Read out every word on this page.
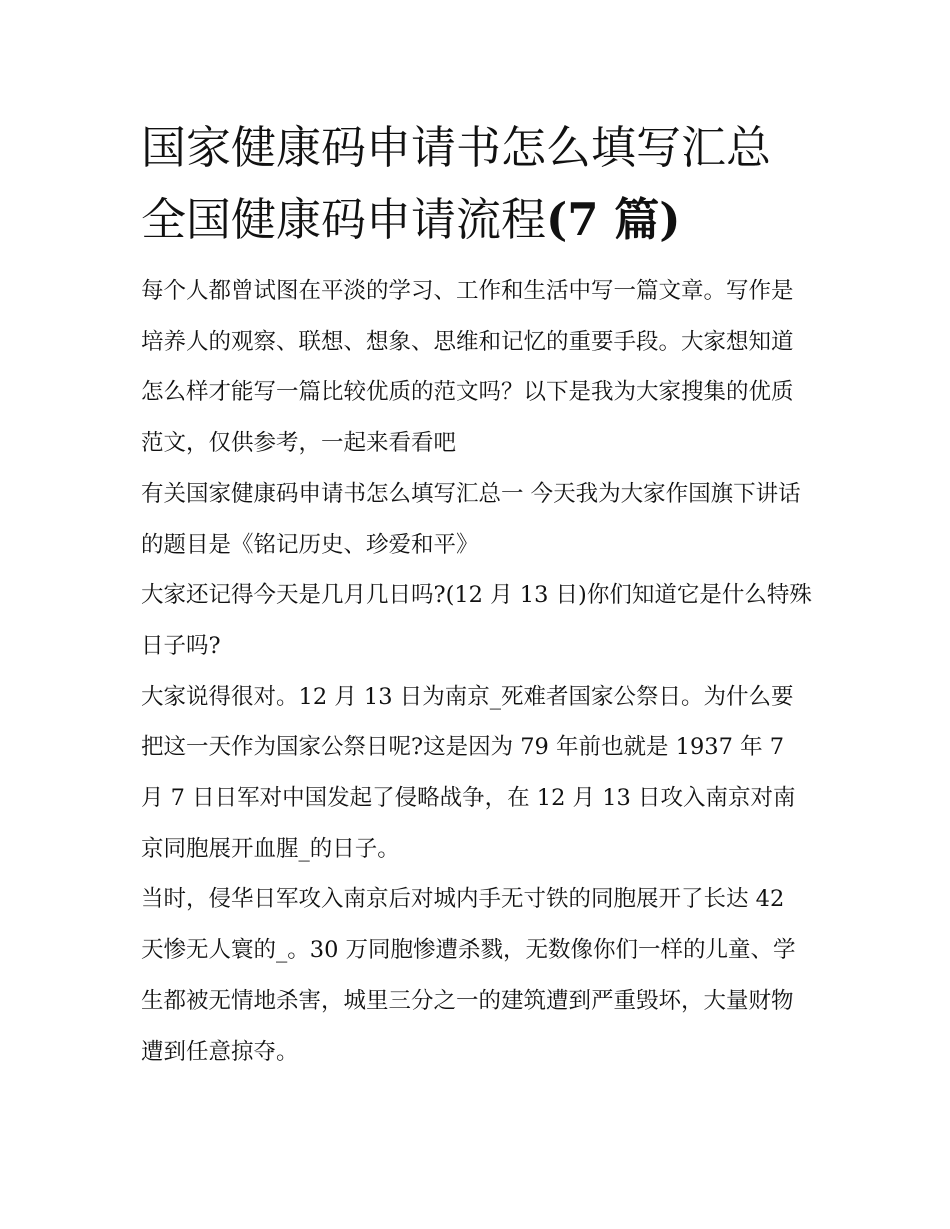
国家健康码申请书怎么填写汇总 全国健康码申请流程(7 篇)

每个人都曾试图在平淡的学习、工作和生活中写一篇文章。写作是培养人的观察、联想、想象、思维和记忆的重要手段。大家想知道怎么样才能写一篇比较优质的范文吗？以下是我为大家搜集的优质范文，仅供参考，一起来看看吧

有关国家健康码申请书怎么填写汇总一 今天我为大家作国旗下讲话的题目是《铭记历史、珍爱和平》

大家还记得今天是几月几日吗?(12 月 13 日)你们知道它是什么特殊日子吗?

大家说得很对。12 月 13 日为南京_死难者国家公祭日。为什么要把这一天作为国家公祭日呢?这是因为 79 年前也就是 1937 年 7 月 7 日日军对中国发起了侵略战争，在 12 月 13 日攻入南京对南京同胞展开血腥_的日子。

当时，侵华日军攻入南京后对城内手无寸铁的同胞展开了长达 42 天惨无人寰的_。30 万同胞惨遭杀戮，无数像你们一样的儿童、学生都被无情地杀害，城里三分之一的建筑遭到严重毁坏，大量财物遭到任意掠夺。
